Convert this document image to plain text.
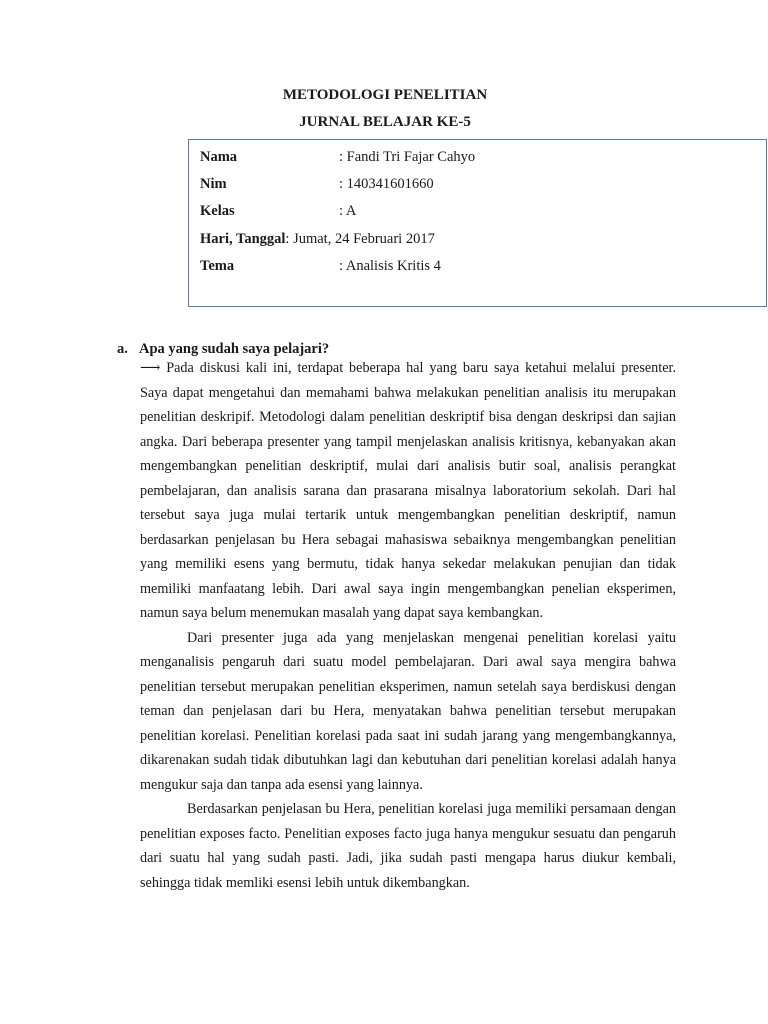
METODOLOGI PENELITIAN
JURNAL BELAJAR KE-5
Nama	: Fandi Tri Fajar Cahyo
Nim	: 140341601660
Kelas	: A
Hari, Tanggal: Jumat, 24 Februari 2017
Tema	: Analisis Kritis 4
a. Apa yang sudah saya pelajari?

⟶ Pada diskusi kali ini, terdapat beberapa hal yang baru saya ketahui melalui presenter. Saya dapat mengetahui dan memahami bahwa melakukan penelitian analisis itu merupakan penelitian deskripif. Metodologi dalam penelitian deskriptif bisa dengan deskripsi dan sajian angka. Dari beberapa presenter yang tampil menjelaskan analisis kritisnya, kebanyakan akan mengembangkan penelitian deskriptif, mulai dari analisis butir soal, analisis perangkat pembelajaran, dan analisis sarana dan prasarana misalnya laboratorium sekolah. Dari hal tersebut saya juga mulai tertarik untuk mengembangkan penelitian deskriptif, namun berdasarkan penjelasan bu Hera sebagai mahasiswa sebaiknya mengembangkan penelitian yang memiliki esens yang bermutu, tidak hanya sekedar melakukan penujian dan tidak memiliki manfaatang lebih. Dari awal saya ingin mengembangkan penelian eksperimen, namun saya belum menemukan masalah yang dapat saya kembangkan.

Dari presenter juga ada yang menjelaskan mengenai penelitian korelasi yaitu menganalisis pengaruh dari suatu model pembelajaran. Dari awal saya mengira bahwa penelitian tersebut merupakan penelitian eksperimen, namun setelah saya berdiskusi dengan teman dan penjelasan dari bu Hera, menyatakan bahwa penelitian tersebut merupakan penelitian korelasi. Penelitian korelasi pada saat ini sudah jarang yang mengembangkannya, dikarenakan sudah tidak dibutuhkan lagi dan kebutuhan dari penelitian korelasi adalah hanya mengukur saja dan tanpa ada esensi yang lainnya.

Berdasarkan penjelasan bu Hera, penelitian korelasi juga memiliki persamaan dengan penelitian exposes facto. Penelitian exposes facto juga hanya mengukur sesuatu dan pengaruh dari suatu hal yang sudah pasti. Jadi, jika sudah pasti mengapa harus diukur kembali, sehingga tidak memliki esensi lebih untuk dikembangkan.
